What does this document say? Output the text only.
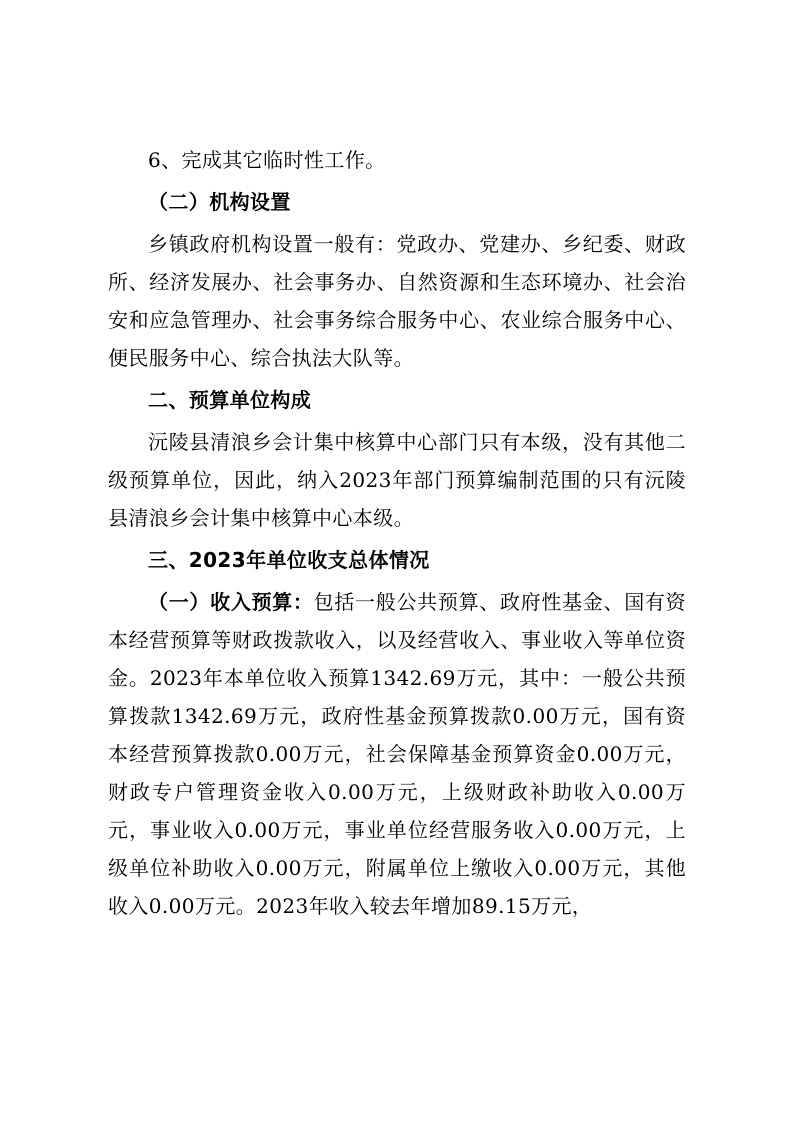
6、完成其它临时性工作。

（二）机构设置

乡镇政府机构设置一般有：党政办、党建办、乡纪委、财政所、经济发展办、社会事务办、自然资源和生态环境办、社会治安和应急管理办、社会事务综合服务中心、农业综合服务中心、便民服务中心、综合执法大队等。

二、预算单位构成

沅陵县清浪乡会计集中核算中心部门只有本级，没有其他二级预算单位，因此，纳入2023年部门预算编制范围的只有沅陵县清浪乡会计集中核算中心本级。

三、2023年单位收支总体情况

（一）收入预算：包括一般公共预算、政府性基金、国有资本经营预算等财政拨款收入，以及经营收入、事业收入等单位资金。2023年本单位收入预算1342.69万元，其中：一般公共预算拨款1342.69万元，政府性基金预算拨款0.00万元，国有资本经营预算拨款0.00万元，社会保障基金预算资金0.00万元，财政专户管理资金收入0.00万元，上级财政补助收入0.00万元，事业收入0.00万元，事业单位经营服务收入0.00万元，上级单位补助收入0.00万元，附属单位上缴收入0.00万元，其他收入0.00万元。2023年收入较去年增加89.15万元，
